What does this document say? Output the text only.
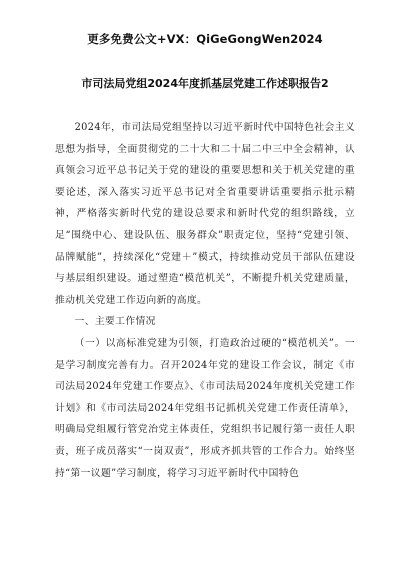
更多免费公文+VX：QiGeGongWen2024
市司法局党组2024年度抓基层党建工作述职报告2

2024年，市司法局党组坚持以习近平新时代中国特色社会主义思想为指导，全面贯彻党的二十大和二十届二中三中全会精神，认真领会习近平总书记关于党的建设的重要思想和关于机关党建的重要论述，深入落实习近平总书记对全省重要讲话重要指示批示精神，严格落实新时代党的建设总要求和新时代党的组织路线，立足“围绕中心、建设队伍、服务群众”职责定位，坚持“党建引领、品牌赋能”，持续深化“党建＋”模式，持续推动党员干部队伍建设与基层组织建设。通过塑造“模范机关”，不断提升机关党建质量，推动机关党建工作迈向新的高度。

一、主要工作情况

（一）以高标准党建为引领，打造政治过硬的“模范机关”。一是学习制度完善有力。召开2024年党的建设工作会议，制定《市司法局2024年党建工作要点》、《市司法局2024年度机关党建工作计划》和《市司法局2024年党组书记抓机关党建工作责任清单》，明确局党组履行管党治党主体责任，党组织书记履行第一责任人职责，班子成员落实“一岗双责”，形成齐抓共管的工作合力。始终坚持“第一议题”学习制度，将学习习近平新时代中国特色
